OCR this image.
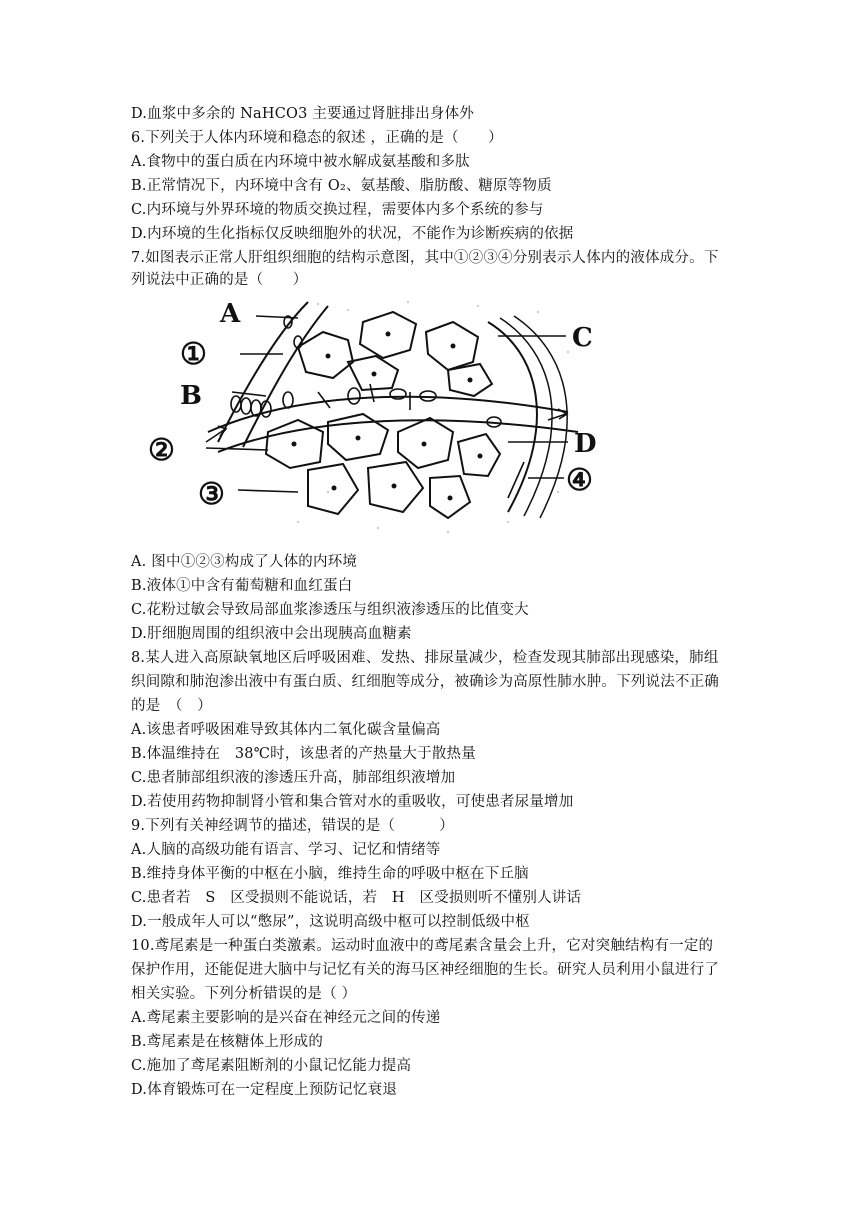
D.血浆中多余的 NaHCO3 主要通过肾脏排出身体外
6.下列关于人体内环境和稳态的叙述 ，正确的是（　　）
A.食物中的蛋白质在内环境中被水解成氨基酸和多肽
B.正常情况下，内环境中含有 O₂、氨基酸、脂肪酸、糖原等物质
C.内环境与外界环境的物质交换过程，需要体内多个系统的参与
D.内环境的生化指标仅反映细胞外的状况，不能作为诊断疾病的依据
7.如图表示正常人肝组织细胞的结构示意图，其中①②③④分别表示人体内的液体成分。下
列说法中正确的是（　　）
A
①
B
②
③
C
D
④
A. 图中①②③构成了人体的内环境
B.液体①中含有葡萄糖和血红蛋白
C.花粉过敏会导致局部血浆渗透压与组织液渗透压的比值变大
D.肝细胞周围的组织液中会出现胰高血糖素
8.某人进入高原缺氧地区后呼吸困难、发热、排尿量减少，检查发现其肺部出现感染，肺组
织间隙和肺泡渗出液中有蛋白质、红细胞等成分，被确诊为高原性肺水肿。下列说法不正确
的是　（　）
A.该患者呼吸困难导致其体内二氧化碳含量偏高
B.体温维持在　38℃时，该患者的产热量大于散热量
C.患者肺部组织液的渗透压升高，肺部组织液增加
D.若使用药物抑制肾小管和集合管对水的重吸收，可使患者尿量增加
9.下列有关神经调节的描述，错误的是（　　　）
A.人脑的高级功能有语言、学习、记忆和情绪等
B.维持身体平衡的中枢在小脑，维持生命的呼吸中枢在下丘脑
C.患者若　S　区受损则不能说话，若　H　区受损则听不懂别人讲话
D.一般成年人可以“憋尿”，这说明高级中枢可以控制低级中枢
10.鸢尾素是一种蛋白类激素。运动时血液中的鸢尾素含量会上升，它对突触结构有一定的
保护作用，还能促进大脑中与记忆有关的海马区神经细胞的生长。研究人员利用小鼠进行了
相关实验。下列分析错误的是（ ）
A.鸢尾素主要影响的是兴奋在神经元之间的传递
B.鸢尾素是在核糖体上形成的
C.施加了鸢尾素阻断剂的小鼠记忆能力提高
D.体育锻炼可在一定程度上预防记忆衰退
